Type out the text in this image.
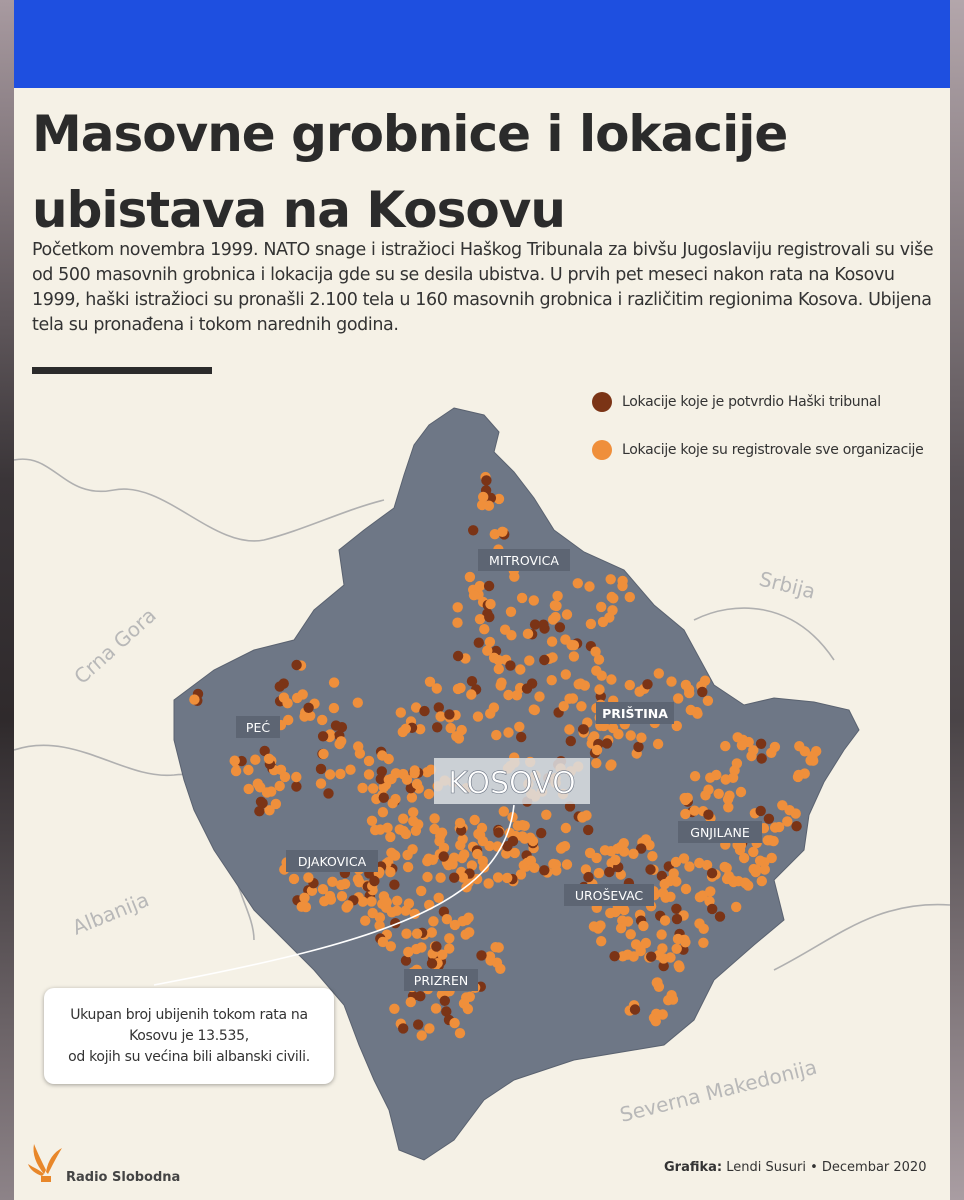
Masovne grobnice i lokacije
ubistava na Kosovu

Početkom novembra 1999. NATO snage i istražioci Haškog Tribunala za bivšu Jugoslaviju registrovali su više od 500 masovnih grobnica i lokacija gde su se desila ubistva. U prvih pet meseci nakon rata na Kosovu 1999, haški istražioci su pronašli 2.100 tela u 160 masovnih grobnica i različitim regionima Kosova. Ubijena tela su pronađena i tokom narednih godina.

Crna Gora
Srbija
Albanija
Severna Makedonija
MITROVICA
PRIŠTINA
PEĆ
GNJILANE
DJAKOVICA
UROŠEVAC
PRIZREN
KOSOVO
Lokacije koje je potvrdio Haški tribunal
Lokacije koje su registrovale sve organizacije
Ukupan broj ubijenih tokom rata na
Kosovu je 13.535,
od kojih su većina bili albanski civili.
Radio Slobodna
Grafika: Lendi Susuri • Decembar 2020
